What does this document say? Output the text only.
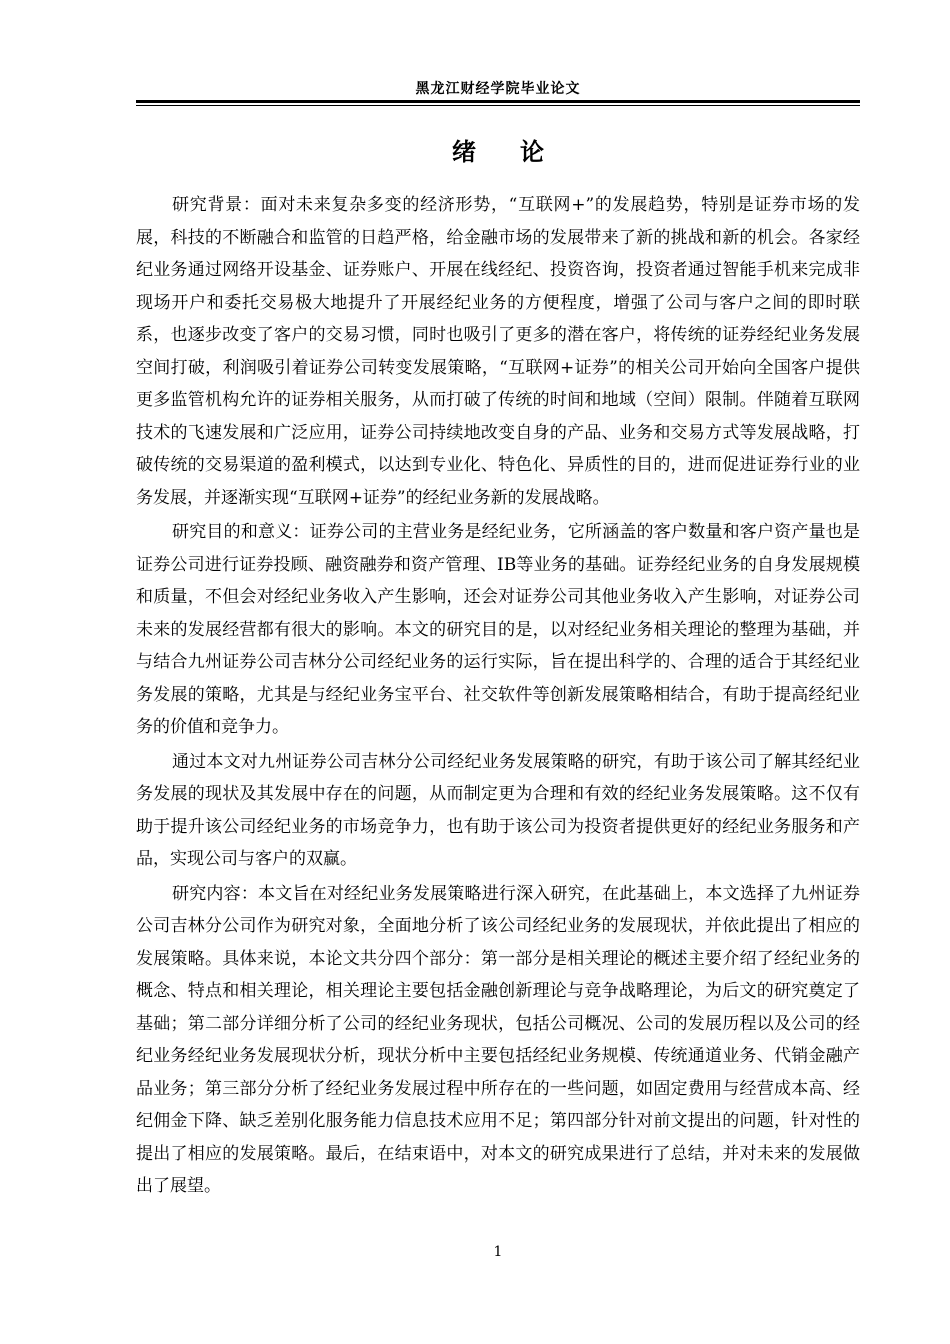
黑龙江财经学院毕业论文
绪论

研究背景：面对未来复杂多变的经济形势，“互联网+”的发展趋势，特别是证券市场的发展，科技的不断融合和监管的日趋严格，给金融市场的发展带来了新的挑战和新的机会。各家经纪业务通过网络开设基金、证券账户、开展在线经纪、投资咨询，投资者通过智能手机来完成非现场开户和委托交易极大地提升了开展经纪业务的方便程度，增强了公司与客户之间的即时联系，也逐步改变了客户的交易习惯，同时也吸引了更多的潜在客户，将传统的证券经纪业务发展空间打破，利润吸引着证券公司转变发展策略，“互联网+证券”的相关公司开始向全国客户提供更多监管机构允许的证券相关服务，从而打破了传统的时间和地域（空间）限制。伴随着互联网技术的飞速发展和广泛应用，证券公司持续地改变自身的产品、业务和交易方式等发展战略，打破传统的交易渠道的盈利模式，以达到专业化、特色化、异质性的目的，进而促进证券行业的业务发展，并逐渐实现“互联网+证券”的经纪业务新的发展战略。

研究目的和意义：证券公司的主营业务是经纪业务，它所涵盖的客户数量和客户资产量也是证券公司进行证券投顾、融资融券和资产管理、IB等业务的基础。证券经纪业务的自身发展规模和质量，不但会对经纪业务收入产生影响，还会对证券公司其他业务收入产生影响，对证券公司未来的发展经营都有很大的影响。本文的研究目的是，以对经纪业务相关理论的整理为基础，并与结合九州证券公司吉林分公司经纪业务的运行实际，旨在提出科学的、合理的适合于其经纪业务发展的策略，尤其是与经纪业务宝平台、社交软件等创新发展策略相结合，有助于提高经纪业务的价值和竞争力。

通过本文对九州证券公司吉林分公司经纪业务发展策略的研究，有助于该公司了解其经纪业务发展的现状及其发展中存在的问题，从而制定更为合理和有效的经纪业务发展策略。这不仅有助于提升该公司经纪业务的市场竞争力，也有助于该公司为投资者提供更好的经纪业务服务和产品，实现公司与客户的双赢。

研究内容：本文旨在对经纪业务发展策略进行深入研究，在此基础上，本文选择了九州证券公司吉林分公司作为研究对象，全面地分析了该公司经纪业务的发展现状，并依此提出了相应的发展策略。具体来说，本论文共分四个部分：第一部分是相关理论的概述主要介绍了经纪业务的概念、特点和相关理论，相关理论主要包括金融创新理论与竞争战略理论，为后文的研究奠定了基础；第二部分详细分析了公司的经纪业务现状，包括公司概况、公司的发展历程以及公司的经纪业务经纪业务发展现状分析，现状分析中主要包括经纪业务规模、传统通道业务、代销金融产品业务；第三部分分析了经纪业务发展过程中所存在的一些问题，如固定费用与经营成本高、经纪佣金下降、缺乏差别化服务能力信息技术应用不足；第四部分针对前文提出的问题，针对性的提出了相应的发展策略。最后，在结束语中，对本文的研究成果进行了总结，并对未来的发展做出了展望。

1
